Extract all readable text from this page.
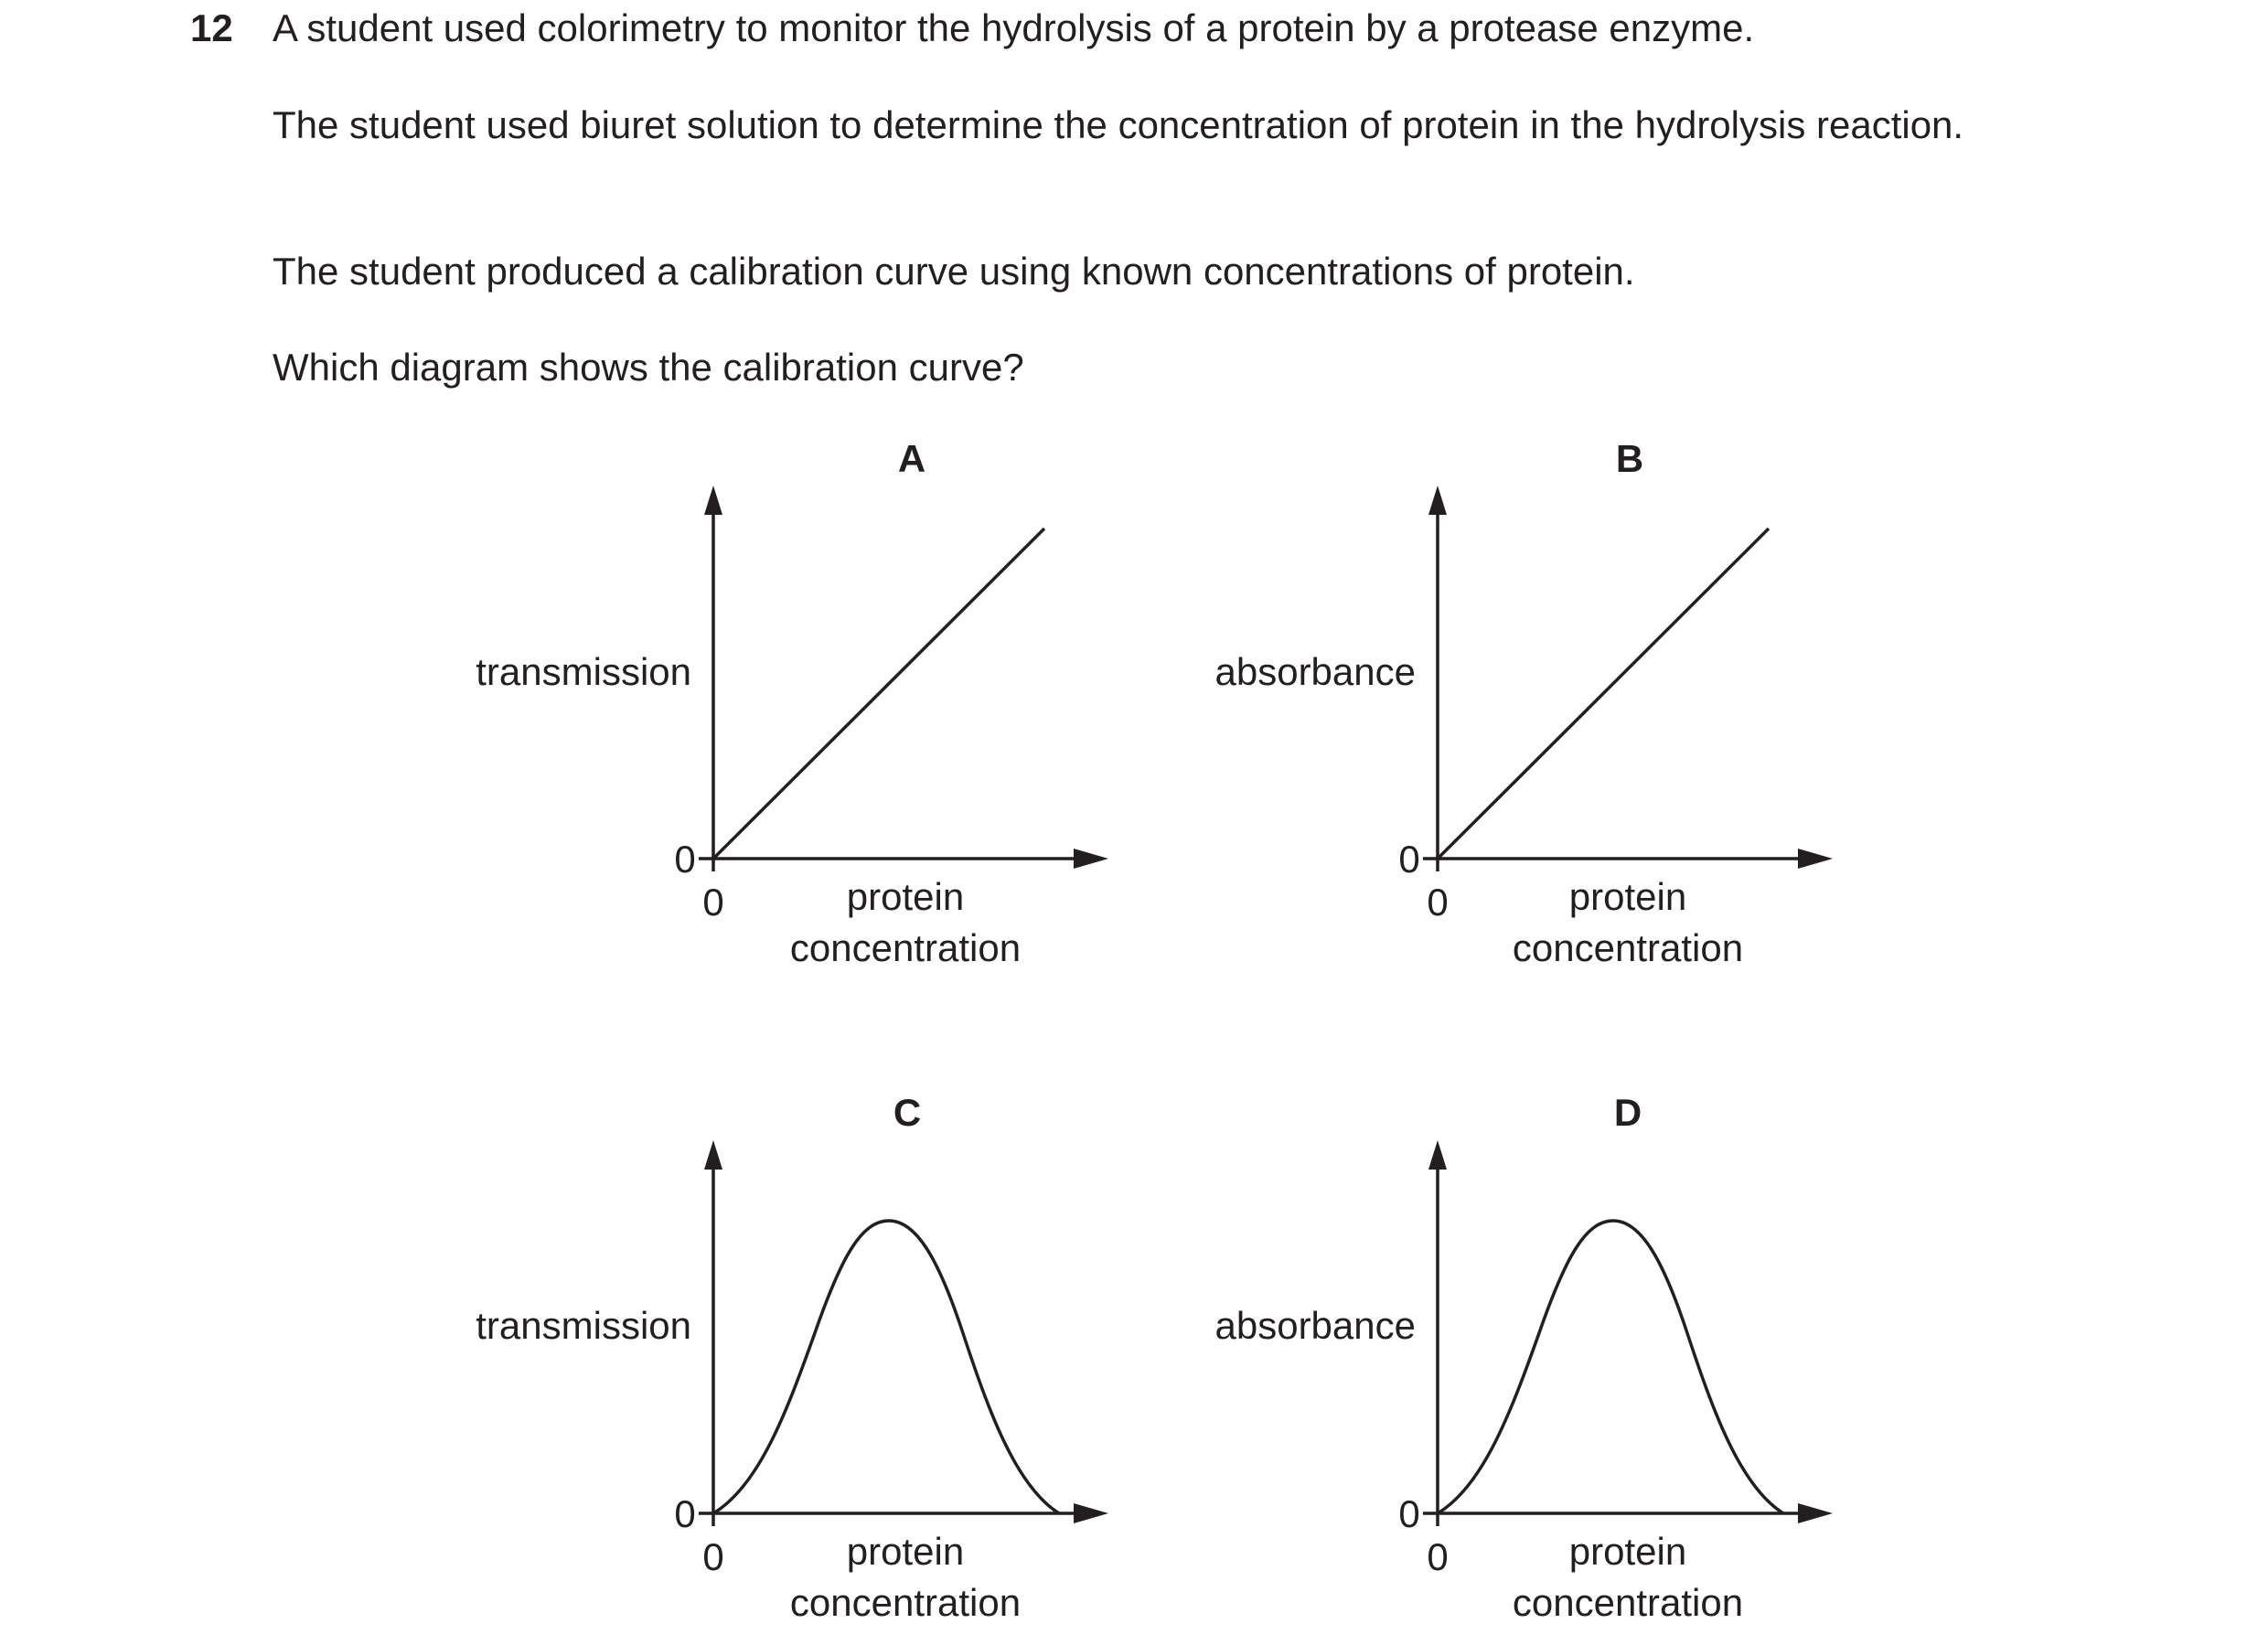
12 A student used colorimetry to monitor the hydrolysis of a protein by a protease enzyme.

The student used biuret solution to determine the concentration of protein in the hydrolysis reaction.

The student produced a calibration curve using known concentrations of protein.

Which diagram shows the calibration curve?

A
transmission
0
0	protein
concentration
B
absorbance
0
0	protein
concentration
C
transmission
0
0	protein
concentration
D
absorbance
0
0	protein
concentration
